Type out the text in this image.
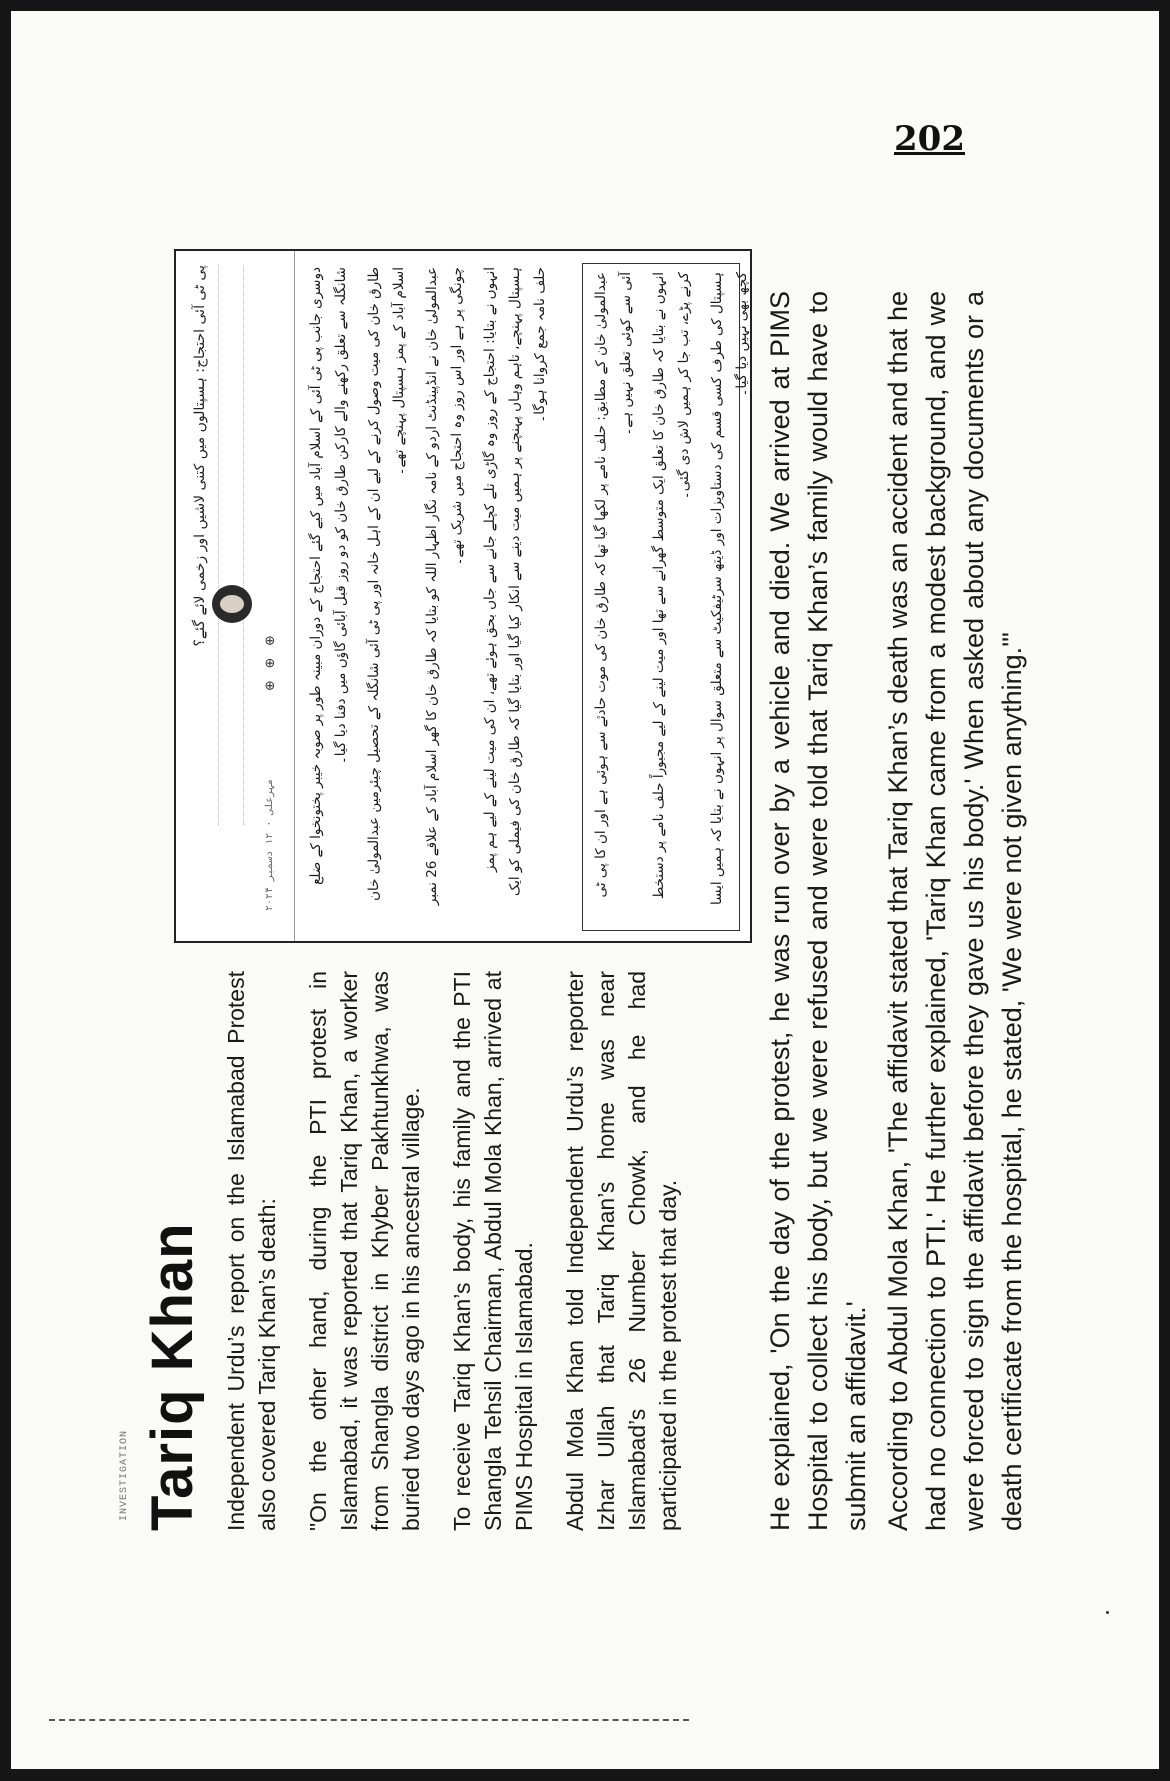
202
INVESTIGATION Tariq Khan Independent Urdu’s report on the Islamabad Protest also covered Tariq Khan’s death: "On the other hand, during the PTI protest in Islamabad, it was reported that Tariq Khan, a worker from Shangla district in Khyber Pakhtunkhwa, was buried two days ago in his ancestral village. To receive Tariq Khan’s body, his family and the PTI Shangla Tehsil Chairman, Abdul Mola Khan, arrived at PIMS Hospital in Islamabad. Abdul Mola Khan told Independent Urdu’s reporter Izhar Ullah that Tariq Khan’s home was near Islamabad’s 26 Number Chowk, and he had participated in the protest that day.

پی ٹی آئی احتجاج: ہسپتالوں میں کتنی لاشیں اور زخمی لائے گئے؟
مہرعلی · ۱۲ دسمبر ۲۰۲۴
⊕ ⊕ ⊕ دوسری جانب پی ٹی آئی کے اسلام آباد میں کیے گئے احتجاج کے دوران مبینہ طور پر صوبہ خیبر پختونخوا کے ضلع شانگلہ سے تعلق رکھنے والے کارکن طارق خان کو دو روز قبل آبائی گاؤں میں دفنا دیا گیا۔	طارق خان کی میت وصول کرنے کے لیے ان کے اہل خانہ اور پی ٹی آئی شانگلہ کے تحصیل چیئرمین عبدالمولیٰ خان اسلام آباد کے پمز ہسپتال پہنچے تھے۔

عبدالمولیٰ خان نے انڈپینڈنٹ اردو کے نامہ نگار اظہار اللہ کو بتایا کہ طارق خان کا گھر اسلام آباد کے علاقے 26 نمبر چونگی پر ہے اور اس روز وہ احتجاج میں شریک تھے۔	انہوں نے بتایا: احتجاج کے روز وہ گاڑی تلے کچلے جانے سے جاں بحق ہوئے تھے، ان کی میت لینے کے لیے ہم پمز ہسپتال پہنچے، تاہم وہاں پہنچنے پر ہمیں میت دینے سے انکار کیا گیا اور بتایا گیا کہ طارق خان کی فیملی کو ایک حلف نامہ جمع کروانا ہوگا۔	عبدالمولیٰ خان کے مطابق: حلف نامے پر لکھا گیا تھا کہ طارق خان کی موت حادثے سے ہوئی ہے اور ان کا پی ٹی آئی سے کوئی تعلق نہیں ہے۔	انہوں نے بتایا کہ طارق خان کا تعلق ایک متوسط گھرانے سے تھا اور میت لینے کے لیے مجبوراً حلف نامے پر دستخط کرنے پڑے، تب جا کر ہمیں لاش دی گئی۔	ہسپتال کی طرف کسی قسم کی دستاویزات اور ڈیتھ سرٹیفکیٹ سے متعلق سوال پر انہوں نے بتایا کہ ہمیں ایسا کچھ بھی نہیں دیا گیا۔ He explained, 'On the day of the protest, he was run over by a vehicle and died. We arrived at PIMS Hospital to collect his body, but we were refused and were told that Tariq Khan’s family would have to submit an affidavit.' According to Abdul Mola Khan, 'The affidavit stated that Tariq Khan’s death was an accident and that he had no connection to PTI.' He further explained, 'Tariq Khan came from a modest background, and we were forced to sign the affidavit before they gave us his body.' When asked about any documents or a death certificate from the hospital, he stated, 'We were not given anything.'"
